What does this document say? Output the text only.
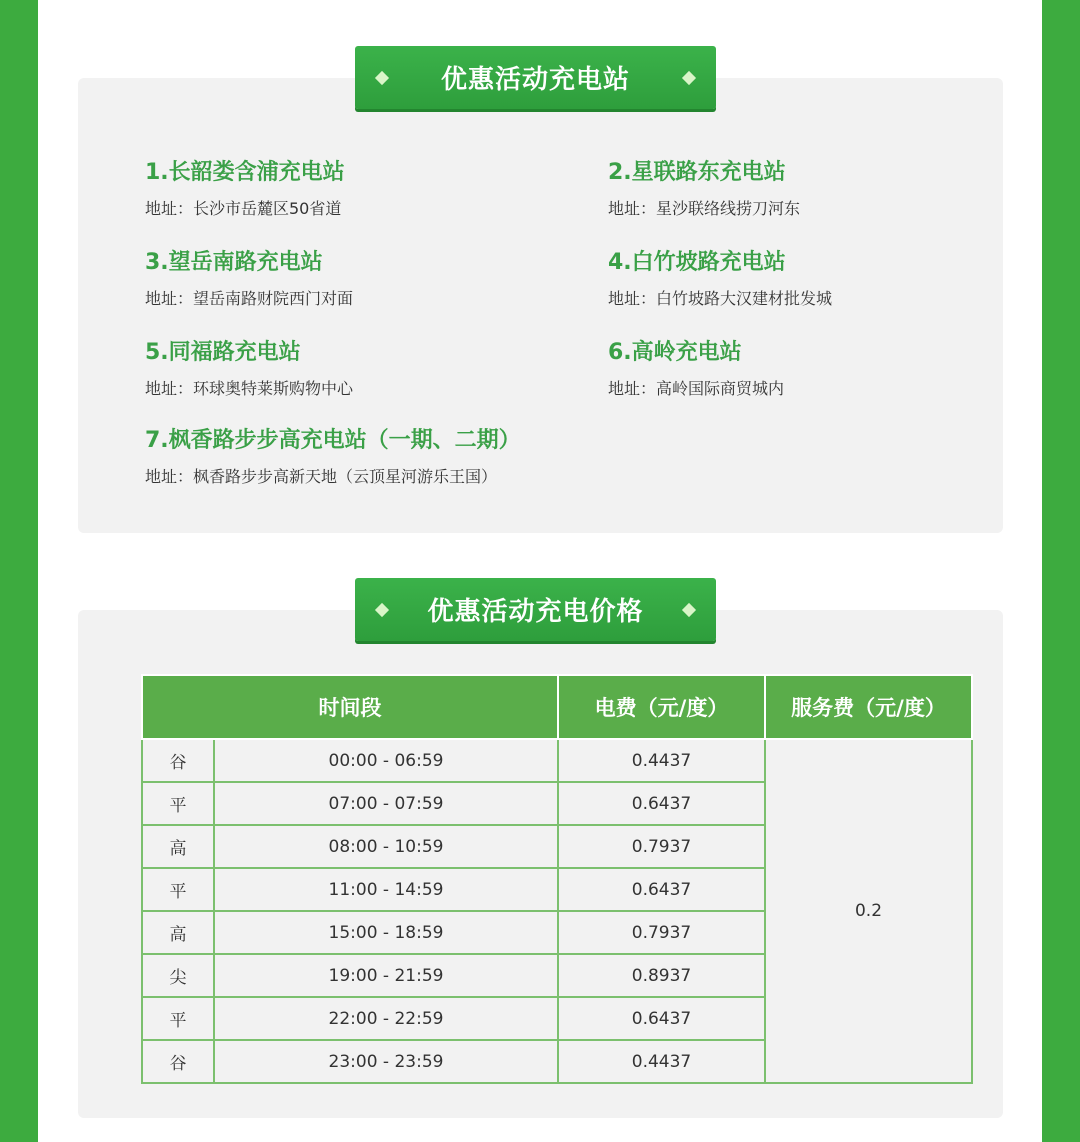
优惠活动充电站
1.长韶娄含浦充电站
地址：长沙市岳麓区50省道
2.星联路东充电站
地址：星沙联络线捞刀河东
3.望岳南路充电站
地址：望岳南路财院西门对面
4.白竹坡路充电站
地址：白竹坡路大汉建材批发城
5.同福路充电站
地址：环球奥特莱斯购物中心
6.高岭充电站
地址：高岭国际商贸城内
7.枫香路步步高充电站（一期、二期）
地址：枫香路步步高新天地（云顶星河游乐王国）
优惠活动充电价格
时间段		电费（元/度）	服务费（元/度）
谷	00:00 - 06:59	0.4437	0.2
平	07:00 - 07:59	0.6437	
高	08:00 - 10:59	0.7937	
平	11:00 - 14:59	0.6437	
高	15:00 - 18:59	0.7937	
尖	19:00 - 21:59	0.8937	
平	22:00 - 22:59	0.6437	
谷	23:00 - 23:59	0.4437	
